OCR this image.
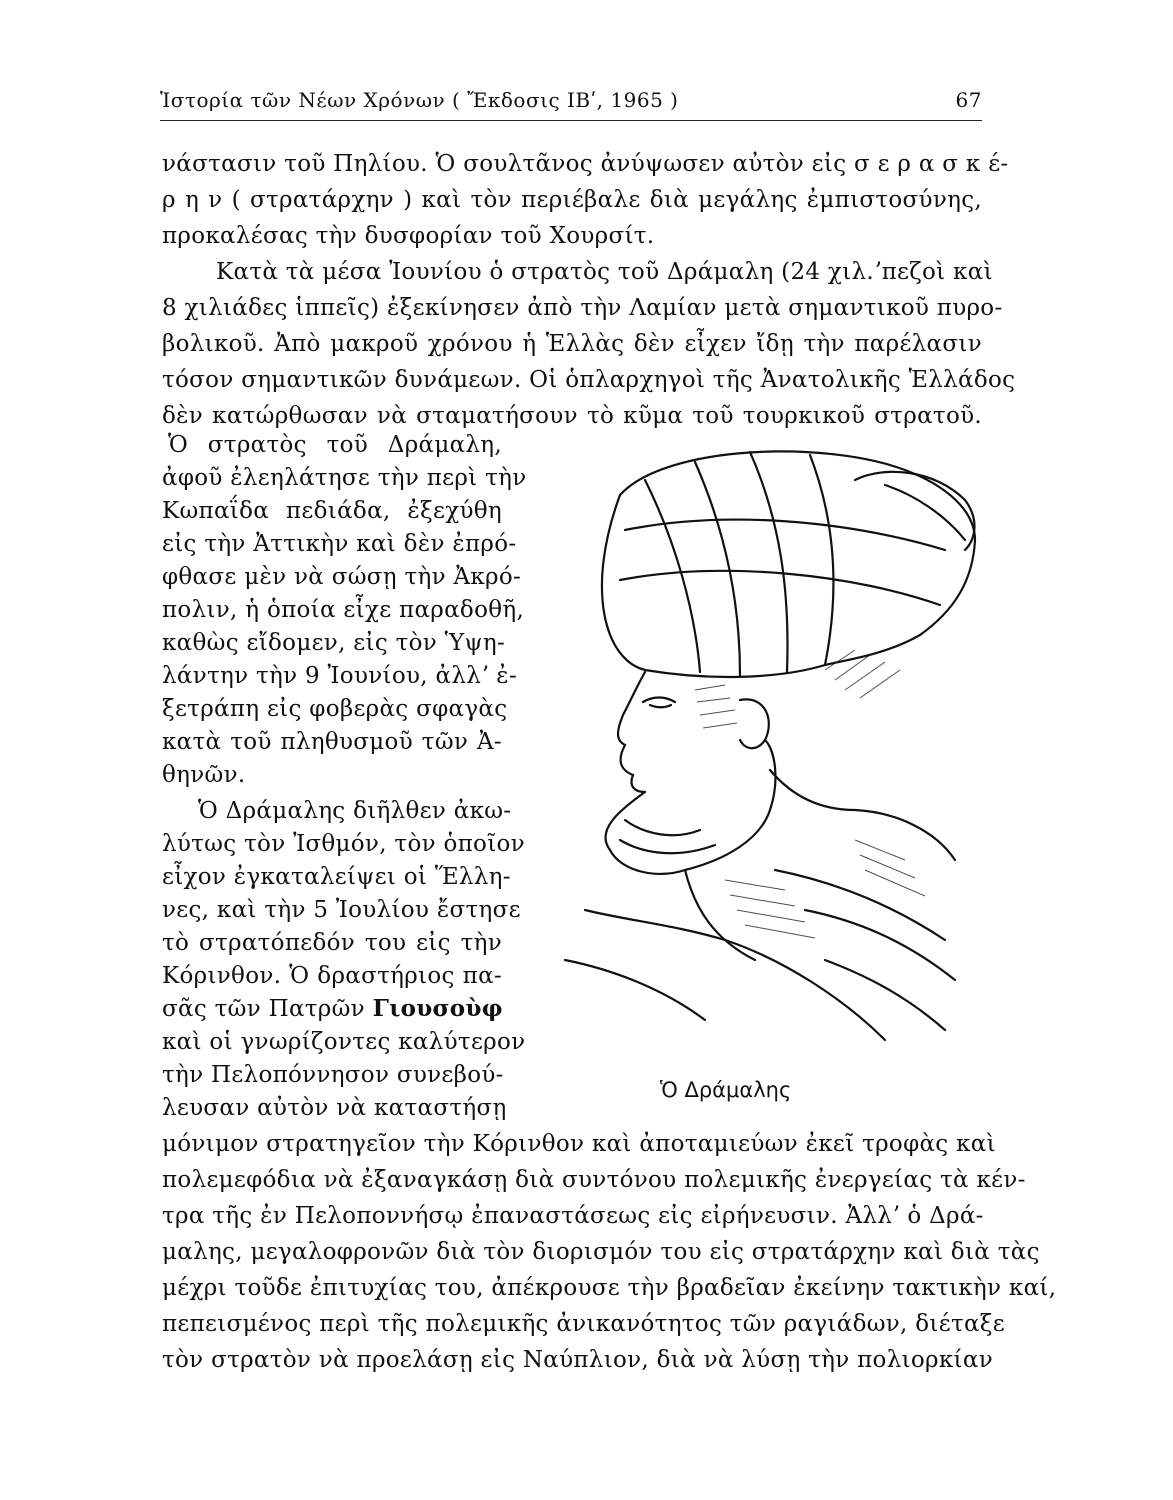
Ἱστορία τῶν Νέων Χρόνων ( Ἔκδοσις ΙΒʹ, 1965 )	67
νάστασιν τοῦ Πηλίου. Ὁ σουλτᾶνος ἀνύψωσεν αὐτὸν εἰς σ ε ρ α σ κ έ-
ρ η ν ( στρατάρχην ) καὶ τὸν περιέβαλε διὰ μεγάλης ἐμπιστοσύνης,
προκαλέσας τὴν δυσφορίαν τοῦ Χουρσίτ.
Κατὰ τὰ μέσα Ἰουνίου ὁ στρατὸς τοῦ Δράμαλη (24 χιλ.ʼπεζοὶ καὶ
8 χιλιάδες ἱππεῖς) ἐξεκίνησεν ἀπὸ τὴν Λαμίαν μετὰ σημαντικοῦ πυρο-
βολικοῦ. Ἀπὸ μακροῦ χρόνου ἡ Ἑλλὰς δὲν εἶχεν ἴδῃ τὴν παρέλασιν
τόσον σημαντικῶν δυνάμεων. Οἱ ὁπλαρχηγοὶ τῆς Ἀνατολικῆς Ἑλλάδος
δὲν κατώρθωσαν νὰ σταματήσουν τὸ κῦμα τοῦ τουρκικοῦ στρατοῦ.
Ὁ στρατὸς τοῦ Δράμαλη,
ἀφοῦ ἐλεηλάτησε τὴν περὶ τὴν
Κωπαΐδα πεδιάδα, ἐξεχύθη
εἰς τὴν Ἀττικὴν καὶ δὲν ἐπρό-
φθασε μὲν νὰ σώσῃ τὴν Ἀκρό-
πολιν, ἡ ὁποία εἶχε παραδοθῆ,
καθὼς εἴδομεν, εἰς τὸν Ὑψη-
λάντην τὴν 9 Ἰουνίου, ἀλλʼ ἐ-
ξετράπη εἰς φοβερὰς σφαγὰς
κατὰ τοῦ πληθυσμοῦ τῶν Ἀ-
θηνῶν.
Ὁ Δράμαλης διῆλθεν ἀκω-
λύτως τὸν Ἰσθμόν, τὸν ὁποῖον
εἶχον ἐγκαταλείψει οἱ Ἕλλη-
νες, καὶ τὴν 5 Ἰουλίου ἔστησε
τὸ στρατόπεδόν του εἰς τὴν
Κόρινθον. Ὁ δραστήριος πα-
σᾶς τῶν Πατρῶν Γιουσοὺφ
καὶ οἱ γνωρίζοντες καλύτερον
τὴν Πελοπόννησον συνεβού-
λευσαν αὐτὸν νὰ καταστήσῃ
μόνιμον στρατηγεῖον τὴν Κόρινθον καὶ ἀποταμιεύων ἐκεῖ τροφὰς καὶ
πολεμεφόδια νὰ ἐξαναγκάσῃ διὰ συντόνου πολεμικῆς ἐνεργείας τὰ κέν-
τρα τῆς ἐν Πελοποννήσῳ ἐπαναστάσεως εἰς εἰρήνευσιν. Ἀλλʼ ὁ Δρά-
μαλης, μεγαλοφρονῶν διὰ τὸν διορισμόν του εἰς στρατάρχην καὶ διὰ τὰς
μέχρι τοῦδε ἐπιτυχίας του, ἀπέκρουσε τὴν βραδεῖαν ἐκείνην τακτικὴν καί,
πεπεισμένος περὶ τῆς πολεμικῆς ἀνικανότητος τῶν ραγιάδων, διέταξε
τὸν στρατὸν νὰ προελάσῃ εἰς Ναύπλιον, διὰ νὰ λύσῃ τὴν πολιορκίαν
Ὁ Δράμαλης
